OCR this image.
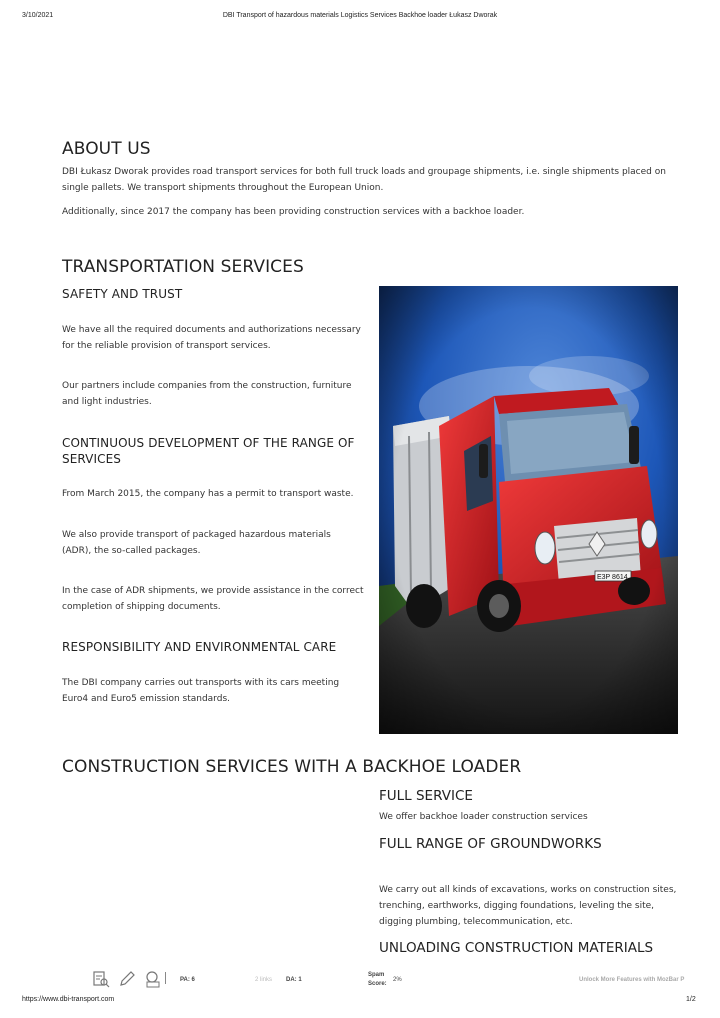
3/10/2021	DBI Transport of hazardous materials Logistics Services Backhoe loader Łukasz Dworak
ABOUT US
DBI Łukasz Dworak provides road transport services for both full truck loads and groupage shipments, i.e. single shipments placed on
single pallets. We transport shipments throughout the European Union.
Additionally, since 2017 the company has been providing construction services with a backhoe loader.
TRANSPORTATION SERVICES
SAFETY AND TRUST
We have all the required documents and authorizations necessary
for the reliable provision of transport services.
Our partners include companies from the construction, furniture
and light industries.
CONTINUOUS DEVELOPMENT OF THE RANGE OF
SERVICES
From March 2015, the company has a permit to transport waste.
We also provide transport of packaged hazardous materials
(ADR), the so-called packages.
In the case of ADR shipments, we provide assistance in the correct
completion of shipping documents.
RESPONSIBILITY AND ENVIRONMENTAL CARE
The DBI company carries out transports with its cars meeting
Euro4 and Euro5 emission standards.
CONSTRUCTION SERVICES WITH A BACKHOE LOADER
FULL SERVICE
We offer backhoe loader construction services
FULL RANGE OF GROUNDWORKS
We carry out all kinds of excavations, works on construction sites,
trenching, earthworks, digging foundations, leveling the site,
digging plumbing, telecommunication, etc.
UNLOADING CONSTRUCTION MATERIALS
PA: 6	2 links DA: 1
Spam
Score:
2%	Unlock More Features with MozBar P
https://www.dbi-transport.com	1/2
